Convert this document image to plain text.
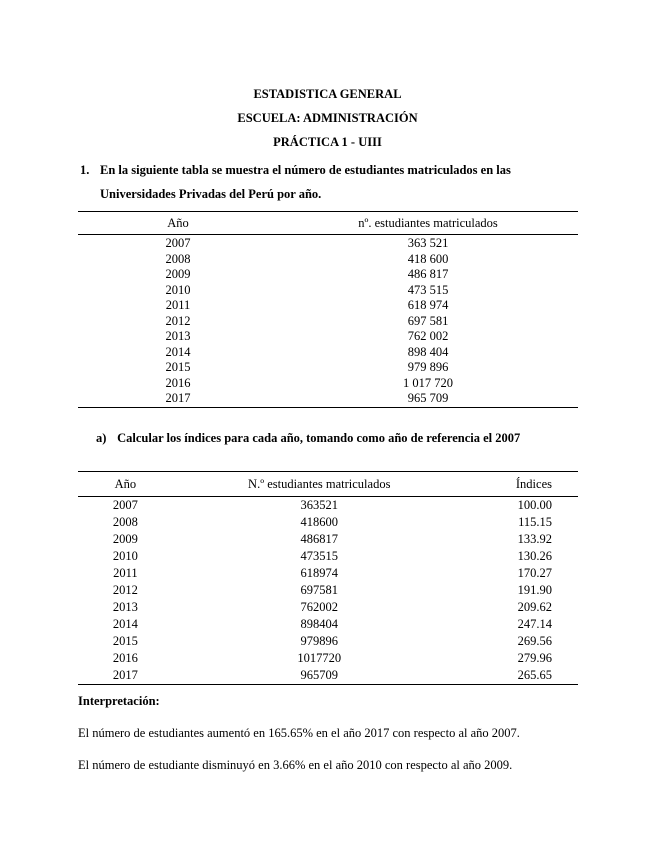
ESTADISTICA GENERAL
ESCUELA: ADMINISTRACIÓN
PRÁCTICA 1 - UIII
1. En la siguiente tabla se muestra el número de estudiantes matriculados en las
Universidades Privadas del Perú por año.
Año	nº. estudiantes matriculados
2007	363 521
2008	418 600
2009	486 817
2010	473 515
2011	618 974
2012	697 581
2013	762 002
2014	898 404
2015	979 896
2016	1 017 720
2017	965 709
a) Calcular los índices para cada año, tomando como año de referencia el 2007
Año	N.º estudiantes matriculados	Índices
2007	363521	100.00
2008	418600	115.15
2009	486817	133.92
2010	473515	130.26
2011	618974	170.27
2012	697581	191.90
2013	762002	209.62
2014	898404	247.14
2015	979896	269.56
2016	1017720	279.96
2017	965709	265.65
Interpretación:
El número de estudiantes aumentó en 165.65% en el año 2017 con respecto al año 2007.
El número de estudiante disminuyó en 3.66% en el año 2010 con respecto al año 2009.
